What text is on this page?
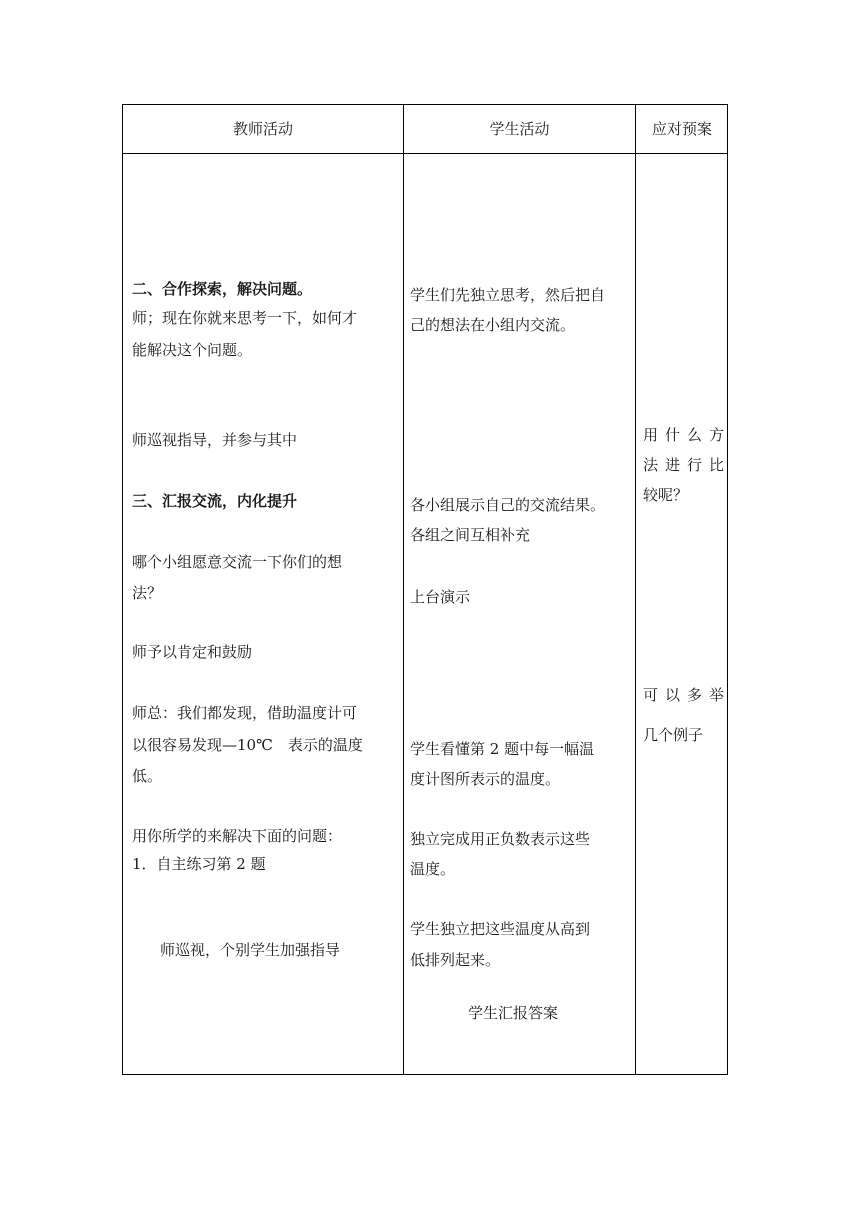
教师活动	学生活动	应对预案
二、合作探索，解决问题。
师；现在你就来思考一下，如何才
能解决这个问题。
师巡视指导，并参与其中
三、汇报交流，内化提升
哪个小组愿意交流一下你们的想
法？
师予以肯定和鼓励
师总：我们都发现，借助温度计可
以很容易发现—10℃　表示的温度
低。
用你所学的来解决下面的问题：
1．自主练习第 2 题
师巡视，个别学生加强指导
学生们先独立思考，然后把自
己的想法在小组内交流。
各小组展示自己的交流结果。
各组之间互相补充
上台演示
学生看懂第 2 题中每一幅温
度计图所表示的温度。
独立完成用正负数表示这些
温度。
学生独立把这些温度从高到
低排列起来。
学生汇报答案
用什么方
法进行比
较呢？
可以多举
几个例子
